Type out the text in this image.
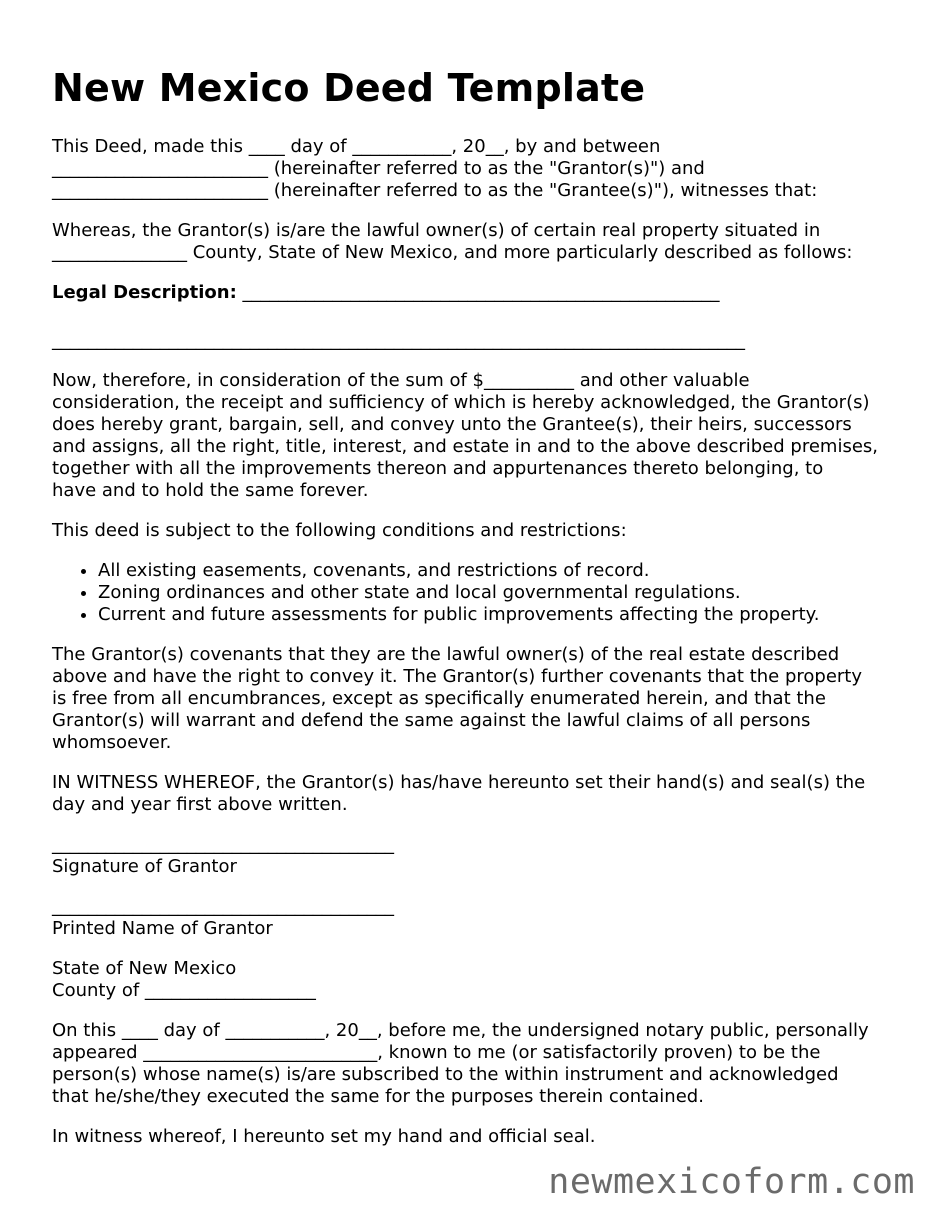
New Mexico Deed Template

This Deed, made this ____ day of ___________, 20__, by and between
________________________ (hereinafter referred to as the "Grantor(s)") and
________________________ (hereinafter referred to as the "Grantee(s)"), witnesses that:

Whereas, the Grantor(s) is/are the lawful owner(s) of certain real property situated in
_______________ County, State of New Mexico, and more particularly described as follows:

Legal Description: _____________________________________________________

_____________________________________________________________________________

Now, therefore, in consideration of the sum of $__________ and other valuable
consideration, the receipt and sufficiency of which is hereby acknowledged, the Grantor(s)
does hereby grant, bargain, sell, and convey unto the Grantee(s), their heirs, successors
and assigns, all the right, title, interest, and estate in and to the above described premises,
together with all the improvements thereon and appurtenances thereto belonging, to
have and to hold the same forever.

This deed is subject to the following conditions and restrictions:

• All existing easements, covenants, and restrictions of record.
• Zoning ordinances and other state and local governmental regulations.
• Current and future assessments for public improvements affecting the property.

The Grantor(s) covenants that they are the lawful owner(s) of the real estate described
above and have the right to convey it. The Grantor(s) further covenants that the property
is free from all encumbrances, except as specifically enumerated herein, and that the
Grantor(s) will warrant and defend the same against the lawful claims of all persons
whomsoever.

IN WITNESS WHEREOF, the Grantor(s) has/have hereunto set their hand(s) and seal(s) the
day and year first above written.

______________________________________

Signature of Grantor

______________________________________

Printed Name of Grantor

State of New Mexico
County of ___________________

On this ____ day of ___________, 20__, before me, the undersigned notary public, personally
appeared __________________________, known to me (or satisfactorily proven) to be the
person(s) whose name(s) is/are subscribed to the within instrument and acknowledged
that he/she/they executed the same for the purposes therein contained.

In witness whereof, I hereunto set my hand and official seal.

newmexicoform.com
